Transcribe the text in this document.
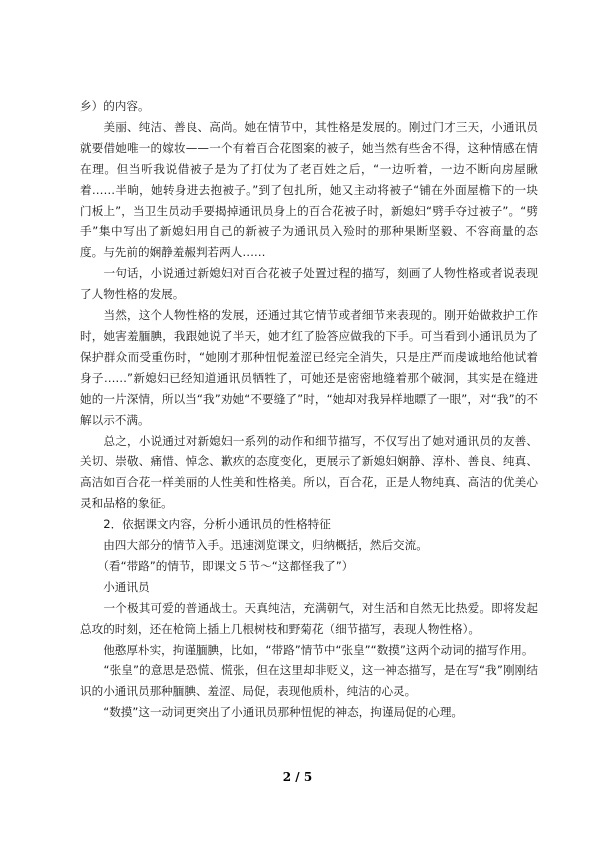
乡）的内容。

　　美丽、纯洁、善良、高尚。她在情节中，其性格是发展的。刚过门才三天，小通讯员就要借她唯一的嫁妆——一个有着百合花图案的被子，她当然有些舍不得，这种情感在情在理。但当听我说借被子是为了打仗为了老百姓之后，“一边听着，一边不断向房屋瞅着……半晌，她转身进去抱被子。”到了包扎所，她又主动将被子“铺在外面屋檐下的一块门板上”，当卫生员动手要揭掉通讯员身上的百合花被子时，新媳妇“劈手夺过被子”。“劈手”集中写出了新媳妇用自己的新被子为通讯员入殓时的那种果断坚毅、不容商量的态度。与先前的娴静羞赧判若两人……

　　一句话，小说通过新媳妇对百合花被子处置过程的描写，刻画了人物性格或者说表现了人物性格的发展。

　　当然，这个人物性格的发展，还通过其它情节或者细节来表现的。刚开始做救护工作时，她害羞腼腆，我跟她说了半天，她才红了脸答应做我的下手。可当看到小通讯员为了保护群众而受重伤时，“她刚才那种忸怩羞涩已经完全消失，只是庄严而虔诚地给他试着身子……”新媳妇已经知道通讯员牺牲了，可她还是密密地缝着那个破洞，其实是在缝进她的一片深情，所以当“我”劝她“不要缝了”时，“她却对我异样地瞟了一眼”，对“我”的不解以示不满。

　　总之，小说通过对新媳妇一系列的动作和细节描写，不仅写出了她对通讯员的友善、关切、崇敬、痛惜、悼念、歉疚的态度变化，更展示了新媳妇娴静、淳朴、善良、纯真、高洁如百合花一样美丽的人性美和性格美。所以，百合花，正是人物纯真、高洁的优美心灵和品格的象征。

　　2．依据课文内容，分析小通讯员的性格特征

　　由四大部分的情节入手。迅速浏览课文，归纳概括，然后交流。

　　（看“带路”的情节，即课文５节～“这都怪我了”）

　　小通讯员

　　一个极其可爱的普通战士。天真纯洁，充满朝气，对生活和自然无比热爱。即将发起总攻的时刻，还在枪筒上插上几根树枝和野菊花（细节描写，表现人物性格）。

　　他憨厚朴实，拘谨腼腆，比如，“带路”情节中“张皇”“数摸”这两个动词的描写作用。

　　“张皇”的意思是恐慌、慌张，但在这里却非贬义，这一神态描写，是在写“我”刚刚结识的小通讯员那种腼腆、羞涩、局促，表现他质朴，纯洁的心灵。

　　“数摸”这一动词更突出了小通讯员那种忸怩的神态，拘谨局促的心理。

2 / 5
